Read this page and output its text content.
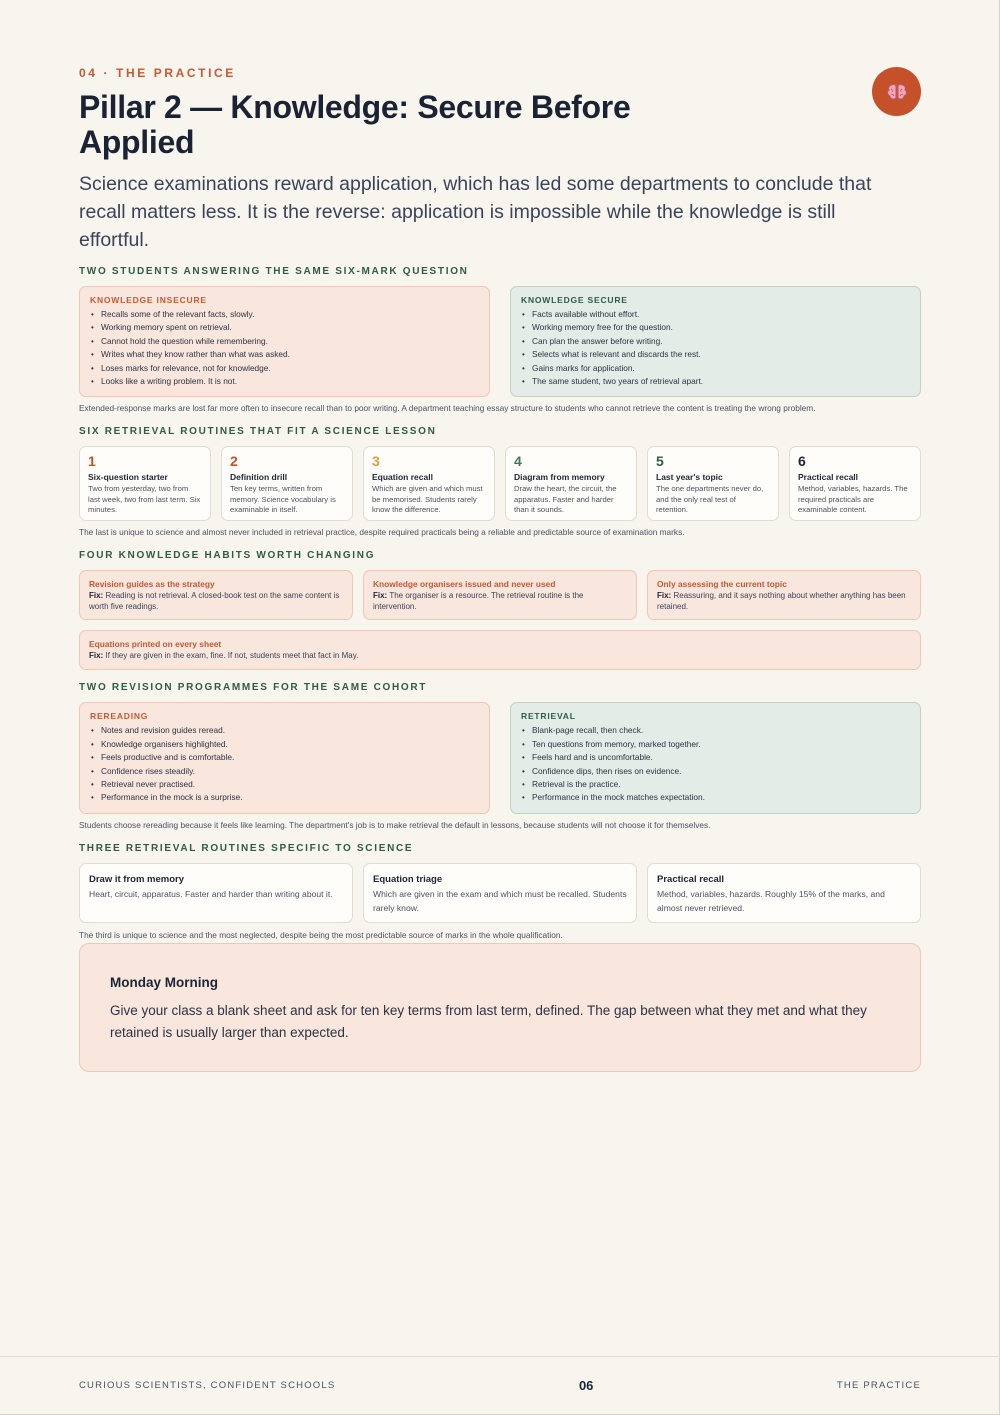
04 · THE PRACTICE
Pillar 2 — Knowledge: Secure Before Applied

Science examinations reward application, which has led some departments to conclude that recall matters less. It is the reverse: application is impossible while the knowledge is still effortful.

TWO STUDENTS ANSWERING THE SAME SIX-MARK QUESTION
KNOWLEDGE INSECURE
• Recalls some of the relevant facts, slowly.
• Working memory spent on retrieval.
• Cannot hold the question while remembering.
• Writes what they know rather than what was asked.
• Loses marks for relevance, not for knowledge.
• Looks like a writing problem. It is not.
KNOWLEDGE SECURE
• Facts available without effort.
• Working memory free for the question.
• Can plan the answer before writing.
• Selects what is relevant and discards the rest.
• Gains marks for application.
• The same student, two years of retrieval apart.
Extended-response marks are lost far more often to insecure recall than to poor writing. A department teaching essay structure to students who cannot retrieve the content is treating the wrong problem.
SIX RETRIEVAL ROUTINES THAT FIT A SCIENCE LESSON
1
Six-question starter
Two from yesterday, two from last week, two from last term. Six minutes.
2
Definition drill
Ten key terms, written from memory. Science vocabulary is examinable in itself.
3
Equation recall
Which are given and which must be memorised. Students rarely know the difference.
4
Diagram from memory
Draw the heart, the circuit, the apparatus. Faster and harder than it sounds.
5
Last year's topic
The one departments never do, and the only real test of retention.
6
Practical recall
Method, variables, hazards. The required practicals are examinable content.
The last is unique to science and almost never included in retrieval practice, despite required practicals being a reliable and predictable source of examination marks.
FOUR KNOWLEDGE HABITS WORTH CHANGING
Revision guides as the strategy
Fix: Reading is not retrieval. A closed-book test on the same content is worth five readings.
Knowledge organisers issued and never used
Fix: The organiser is a resource. The retrieval routine is the intervention.
Only assessing the current topic
Fix: Reassuring, and it says nothing about whether anything has been retained.
Equations printed on every sheet
Fix: If they are given in the exam, fine. If not, students meet that fact in May.
TWO REVISION PROGRAMMES FOR THE SAME COHORT
REREADING
• Notes and revision guides reread.
• Knowledge organisers highlighted.
• Feels productive and is comfortable.
• Confidence rises steadily.
• Retrieval never practised.
• Performance in the mock is a surprise.
RETRIEVAL
• Blank-page recall, then check.
• Ten questions from memory, marked together.
• Feels hard and is uncomfortable.
• Confidence dips, then rises on evidence.
• Retrieval is the practice.
• Performance in the mock matches expectation.
Students choose rereading because it feels like learning. The department's job is to make retrieval the default in lessons, because students will not choose it for themselves.
THREE RETRIEVAL ROUTINES SPECIFIC TO SCIENCE
Draw it from memory
Heart, circuit, apparatus. Faster and harder than writing about it.
Equation triage
Which are given in the exam and which must be recalled. Students rarely know.
Practical recall
Method, variables, hazards. Roughly 15% of the marks, and almost never retrieved.
The third is unique to science and the most neglected, despite being the most predictable source of marks in the whole qualification.
Monday Morning
Give your class a blank sheet and ask for ten key terms from last term, defined. The gap between what they met and what they retained is usually larger than expected.
CURIOUS SCIENTISTS, CONFIDENT SCHOOLS	06	THE PRACTICE
